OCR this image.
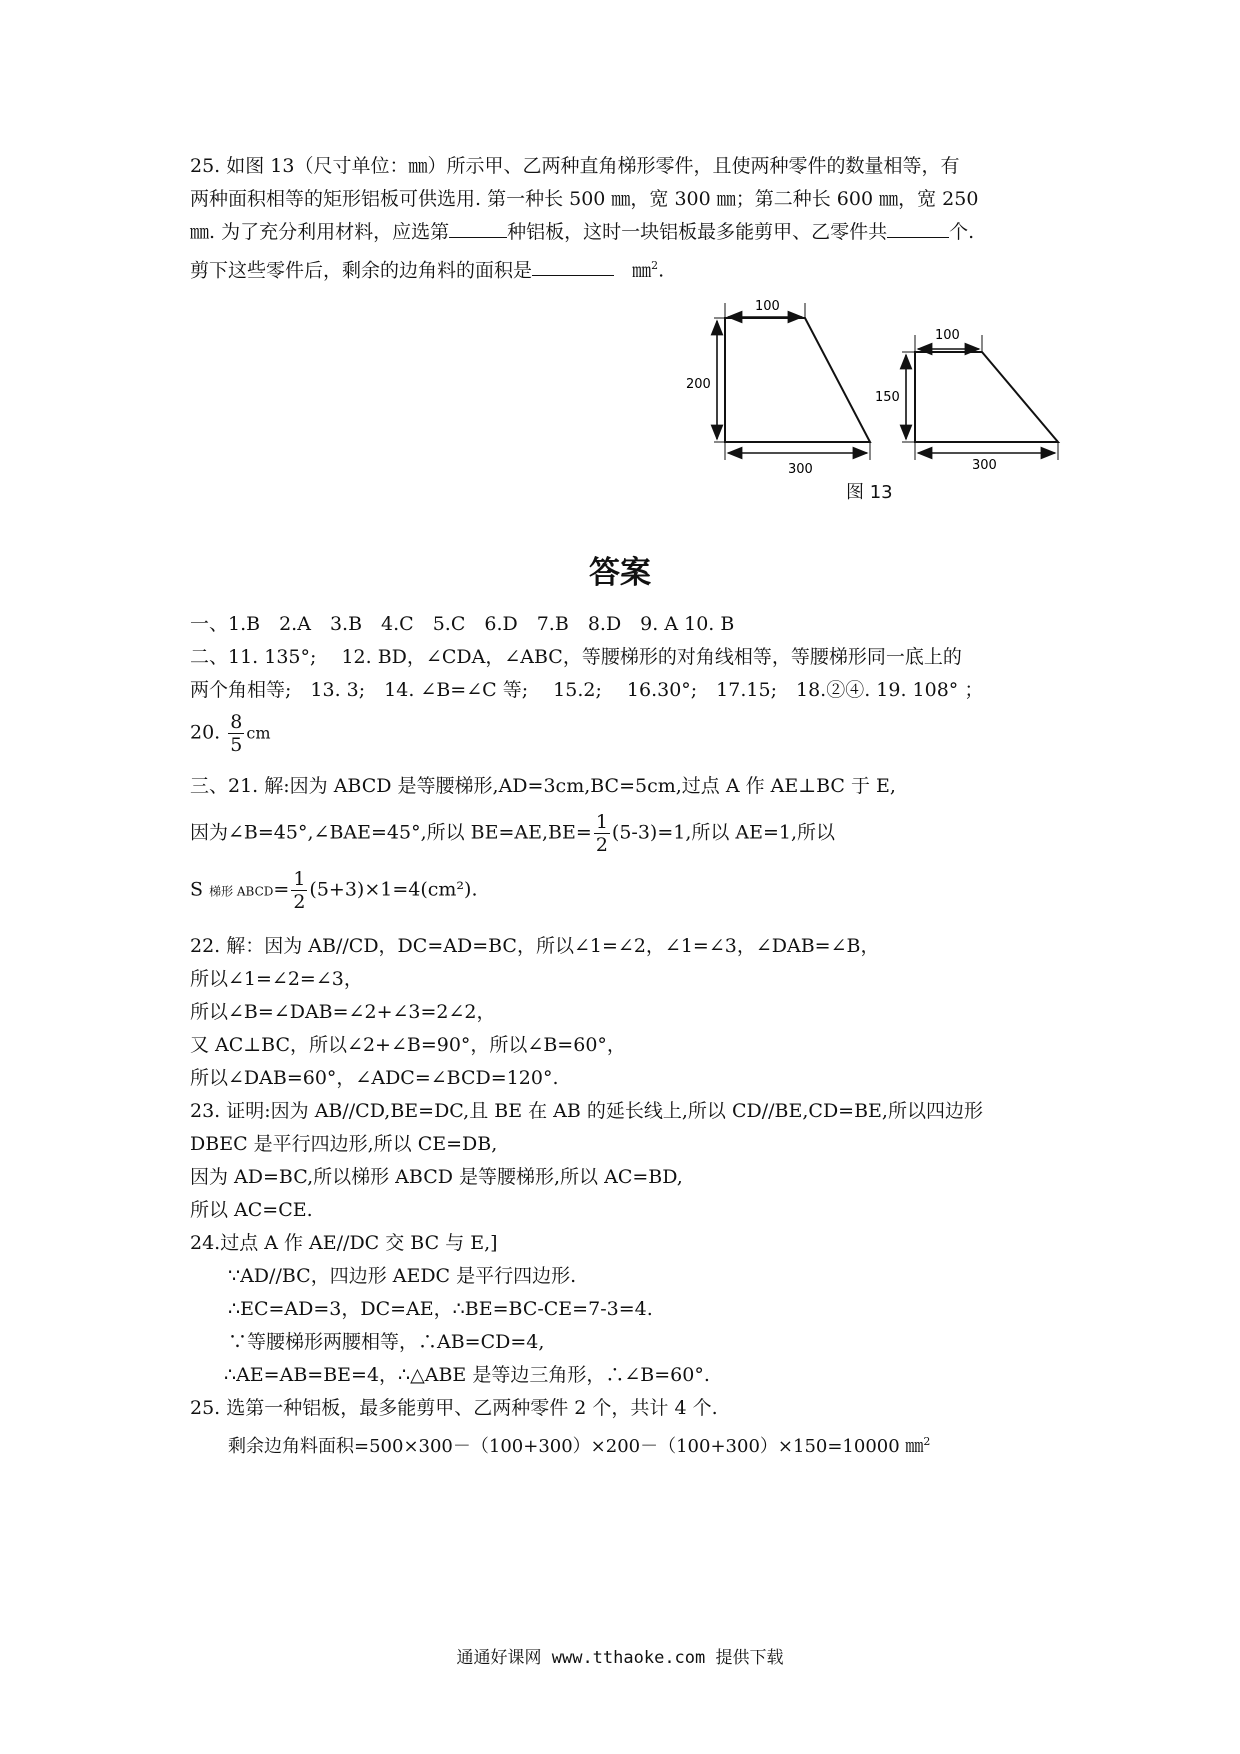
25. 如图 13（尺寸单位：㎜）所示甲、乙两种直角梯形零件，且使两种零件的数量相等，有
两种面积相等的矩形铝板可供选用. 第一种长 500 ㎜，宽 300 ㎜；第二种长 600 ㎜，宽 250
㎜. 为了充分利用材料，应选第	种铝板，这时一块铝板最多能剪甲、乙零件共	个.
剪下这些零件后，剩余的边角料的面积是	㎜$^2$.
100
200
300
100
150
300
图 13
答案
一、1.B　2.A　3.B　4.C　5.C　6.D　7.B　8.D　9. A 10. B
二、11. 135°;　 12. BD，∠CDA，∠ABC，等腰梯形的对角线相等，等腰梯形同一底上的
两个角相等;　13. 3;　14. ∠B=∠C 等;　 15.2;　 16.30°;　17.15;　18.②④. 19. 108° ；
20. $\frac{8}{5}$ cm
三、21. 解:因为 ABCD 是等腰梯形,AD=3cm,BC=5cm,过点 A 作 AE⊥BC 于 E,
因为∠B=45°,∠BAE=45°,所以 $BE=AE,BE= \frac{1}{2} (5-3)=1$,所以 AE=1,所以
S 梯形 ABCD= $\frac{1}{2} (5+3)\times 1=4(cm^2)$.
22. 解：因为 AB//CD，DC=AD=BC，所以∠1=∠2，∠1=∠3，∠DAB=∠B，
所以∠1=∠2=∠3，
所以∠B=∠DAB=∠2+∠3=2∠2，
又 AC⊥BC，所以∠2+∠B=90°，所以∠B=60°，
所以∠DAB=60°，∠ADC=∠BCD=120°.
23. 证明:因为 AB//CD,BE=DC,且 BE 在 AB 的延长线上,所以 CD//BE,CD=BE,所以四边形
DBEC 是平行四边形,所以 CE=DB,
因为 AD=BC,所以梯形 ABCD 是等腰梯形,所以 AC=BD,
所以 AC=CE.
24.过点 A 作 AE//DC 交 BC 与 E,]
∵AD//BC，四边形 AEDC 是平行四边形.
∴EC=AD=3，DC=AE，∴BE=BC-CE=7-3=4.
∵等腰梯形两腰相等，∴AB=CD=4,
∴AE=AB=BE=4，∴△ABE 是等边三角形，∴∠B=60°.
25. 选第一种铝板，最多能剪甲、乙两种零件 2 个，共计 4 个.
剩余边角料面积=500×300－（100+300）×200－（100+300）×150=10000 ㎜$^2$
通通好课网 www.tthaoke.com 提供下载
